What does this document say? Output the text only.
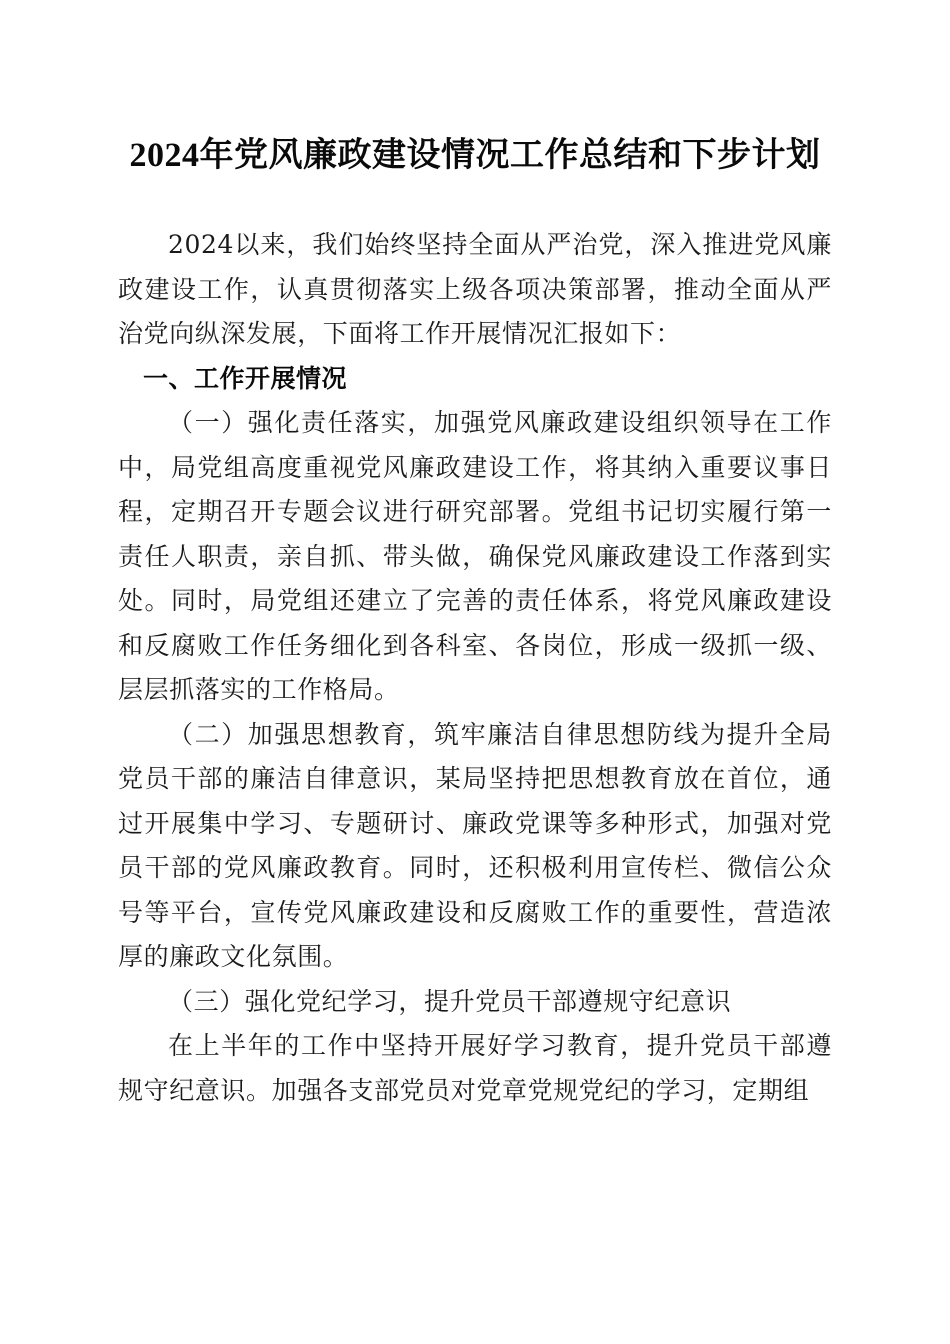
2024年党风廉政建设情况工作总结和下步计划

2024以来，我们始终坚持全面从严治党，深入推进党风廉政建设工作，认真贯彻落实上级各项决策部署，推动全面从严治党向纵深发展，下面将工作开展情况汇报如下：

一、工作开展情况

（一）强化责任落实，加强党风廉政建设组织领导在工作中，局党组高度重视党风廉政建设工作，将其纳入重要议事日程，定期召开专题会议进行研究部署。党组书记切实履行第一责任人职责，亲自抓、带头做，确保党风廉政建设工作落到实处。同时，局党组还建立了完善的责任体系，将党风廉政建设和反腐败工作任务细化到各科室、各岗位，形成一级抓一级、层层抓落实的工作格局。

（二）加强思想教育，筑牢廉洁自律思想防线为提升全局党员干部的廉洁自律意识，某局坚持把思想教育放在首位，通过开展集中学习、专题研讨、廉政党课等多种形式，加强对党员干部的党风廉政教育。同时，还积极利用宣传栏、微信公众号等平台，宣传党风廉政建设和反腐败工作的重要性，营造浓厚的廉政文化氛围。

（三）强化党纪学习，提升党员干部遵规守纪意识

在上半年的工作中坚持开展好学习教育，提升党员干部遵规守纪意识。加强各支部党员对党章党规党纪的学习，定期组
